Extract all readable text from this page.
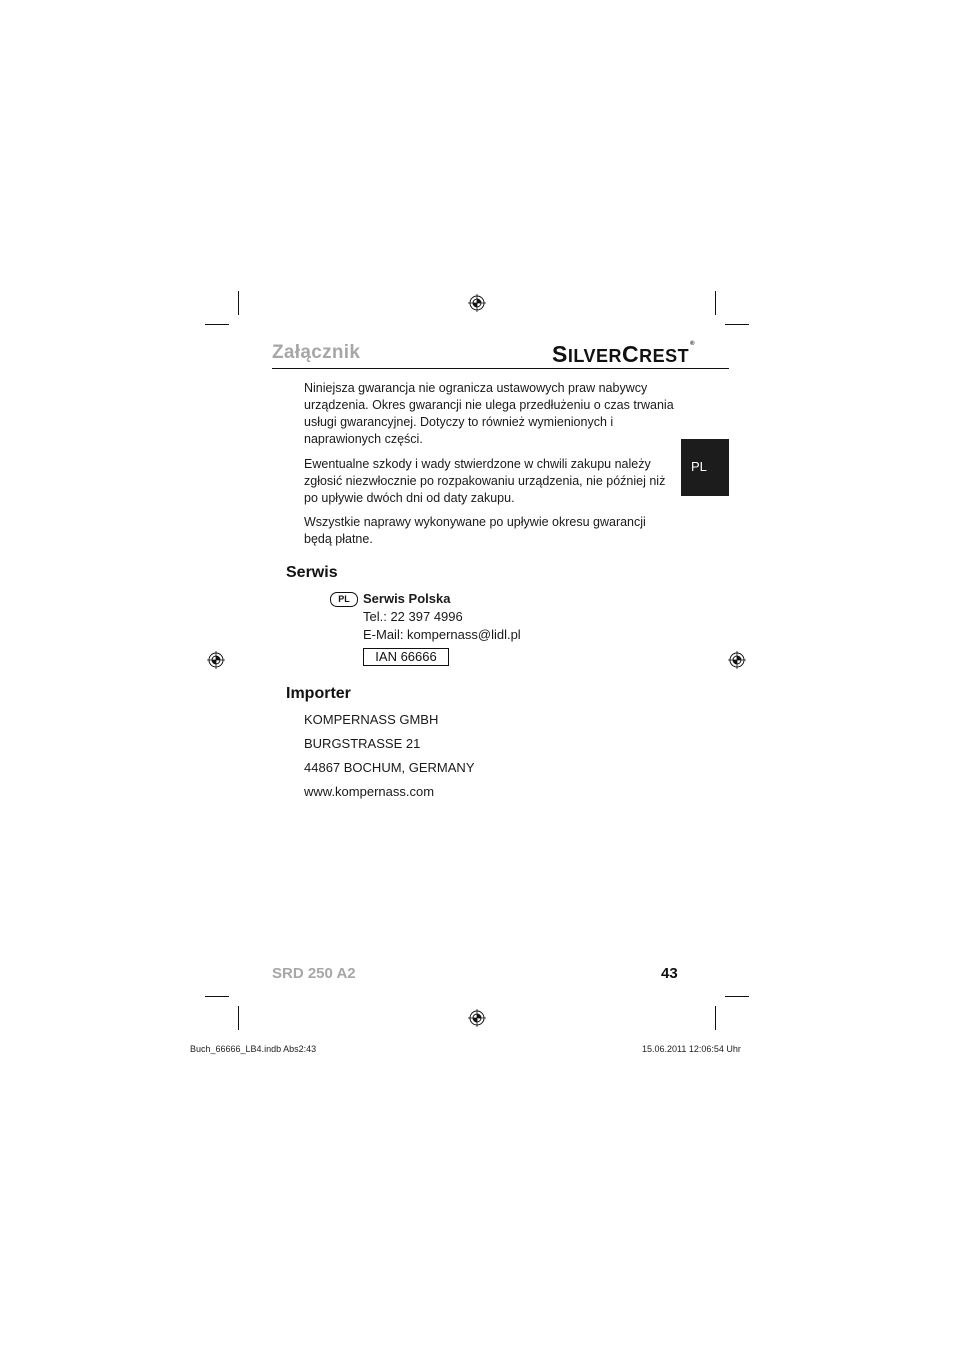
Załącznik	SILVERCREST®
PL
Niniejsza gwarancja nie ogranicza ustawowych praw nabywcy urządzenia. Okres gwarancji nie ulega przedłużeniu o czas trwania usługi gwarancyjnej. Dotyczy to również wymienionych i naprawionych części.
Ewentualne szkody i wady stwierdzone w chwili zakupu należy zgłosić niezwłocznie po rozpakowaniu urządzenia, nie później niż po upływie dwóch dni od daty zakupu.
Wszystkie naprawy wykonywane po upływie okresu gwarancji będą płatne.
Serwis
PL	Serwis Polska
Tel.: 22 397 4996
E-Mail: kompernass@lidl.pl
IAN 66666
Importer
KOMPERNASS GMBH
BURGSTRASSE 21
44867 BOCHUM, GERMANY
www.kompernass.com
SRD 250 A2	43
Buch_66666_LB4.indb Abs2:43	15.06.2011 12:06:54 Uhr
